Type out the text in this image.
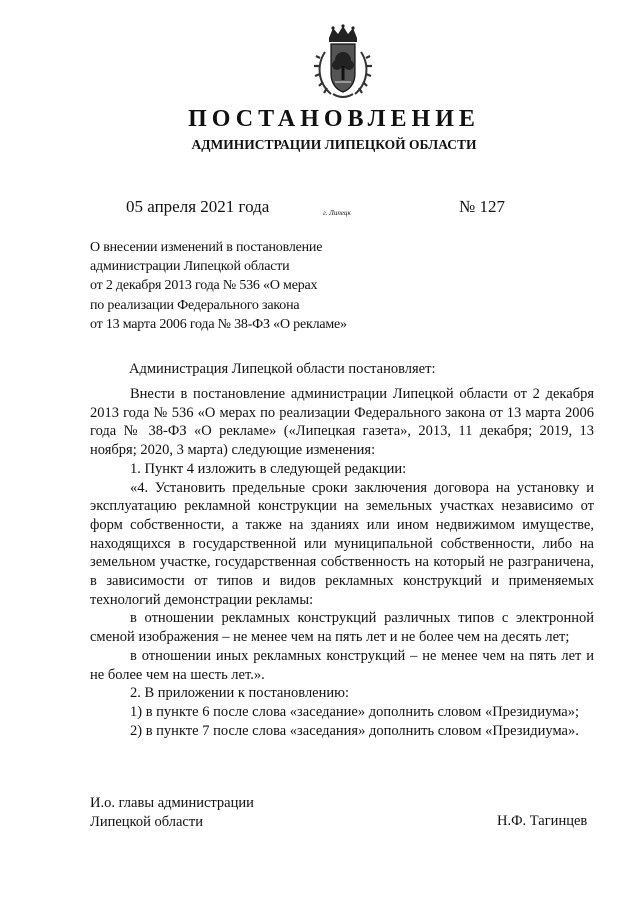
ПОСТАНОВЛЕНИЕ
АДМИНИСТРАЦИИ ЛИПЕЦКОЙ ОБЛАСТИ
05 апреля 2021 года	г. Липецк	№ 127
О внесении изменений в постановление
администрации Липецкой области
от 2 декабря 2013 года № 536 «О мерах
по реализации Федерального закона
от 13 марта 2006 года № 38-ФЗ «О рекламе»
Администрация Липецкой области постановляет:

Внести в постановление администрации Липецкой области от 2 декабря 2013 года № 536 «О мерах по реализации Федерального закона от 13 марта 2006 года № 38-ФЗ «О рекламе» («Липецкая газета», 2013, 11 декабря; 2019, 13 ноября; 2020, 3 марта) следующие изменения:

1. Пункт 4 изложить в следующей редакции:

«4. Установить предельные сроки заключения договора на установку и эксплуатацию рекламной конструкции на земельных участках независимо от форм собственности, а также на зданиях или ином недвижимом имуществе, находящихся в государственной или муниципальной собственности, либо на земельном участке, государственная собственность на который не разграничена, в зависимости от типов и видов рекламных конструкций и применяемых технологий демонстрации рекламы:

в отношении рекламных конструкций различных типов с электронной сменой изображения – не менее чем на пять лет и не более чем на десять лет;

в отношении иных рекламных конструкций – не менее чем на пять лет и не более чем на шесть лет.».

2. В приложении к постановлению:

1) в пункте 6 после слова «заседание» дополнить словом «Президиума»;

2) в пункте 7 после слова «заседания» дополнить словом «Президиума».

И.о. главы администрации
Липецкой области	Н.Ф. Тагинцев
